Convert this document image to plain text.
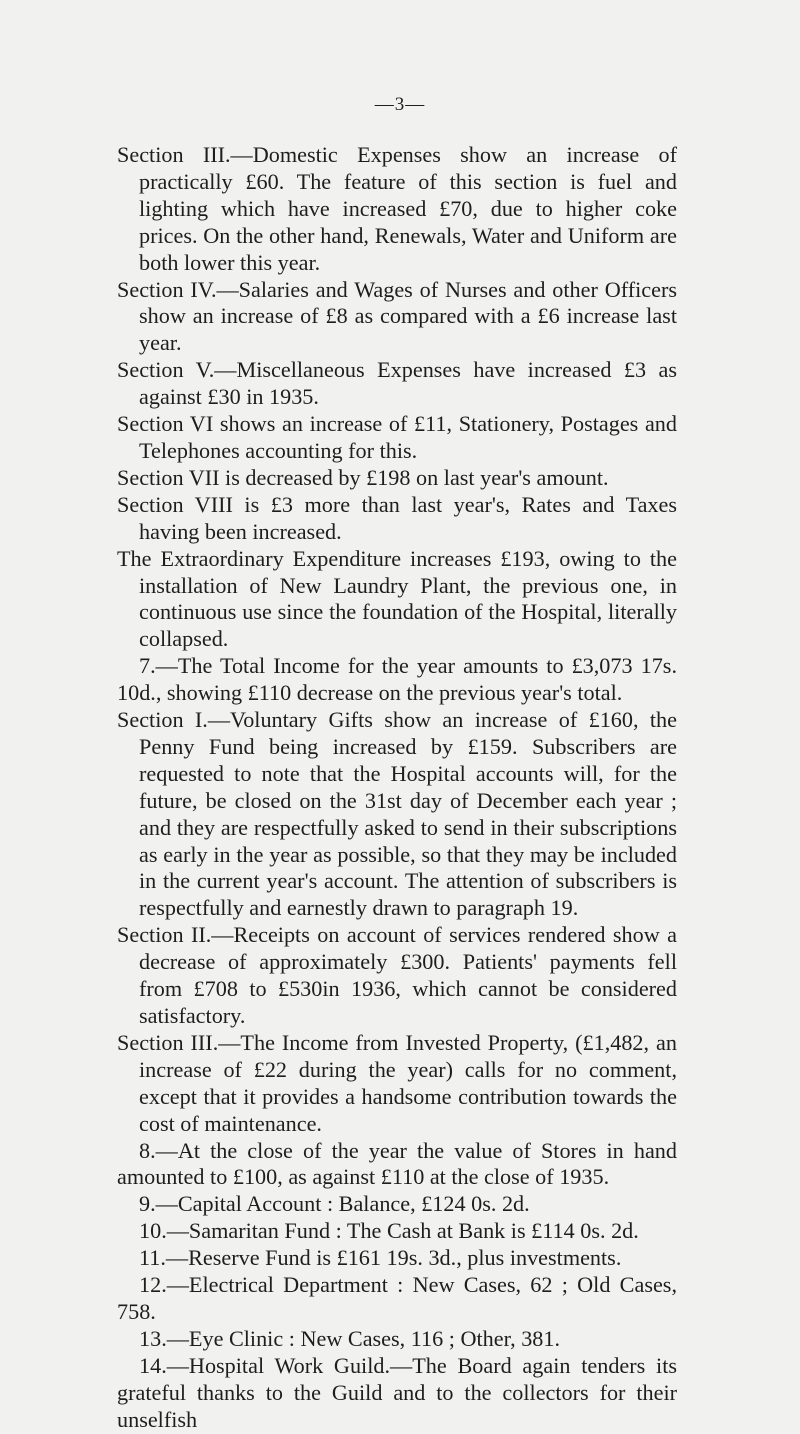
—3—

Section III.—Domestic Expenses show an increase of practically £60. The feature of this section is fuel and lighting which have increased £70, due to higher coke prices. On the other hand, Renewals, Water and Uniform are both lower this year.

Section IV.—Salaries and Wages of Nurses and other Officers show an increase of £8 as compared with a £6 increase last year.

Section V.—Miscellaneous Expenses have increased £3 as against £30 in 1935.

Section VI shows an increase of £11, Stationery, Postages and Telephones accounting for this.

Section VII is decreased by £198 on last year's amount.

Section VIII is £3 more than last year's, Rates and Taxes having been increased.

The Extraordinary Expenditure increases £193, owing to the installation of New Laundry Plant, the previous one, in continuous use since the foundation of the Hospital, literally collapsed.

7.—The Total Income for the year amounts to £3,073 17s. 10d., showing £110 decrease on the previous year's total.

Section I.—Voluntary Gifts show an increase of £160, the Penny Fund being increased by £159. Subscribers are requested to note that the Hospital accounts will, for the future, be closed on the 31st day of December each year ; and they are respectfully asked to send in their subscriptions as early in the year as possible, so that they may be included in the current year's account. The attention of subscribers is respectfully and earnestly drawn to paragraph 19.

Section II.—Receipts on account of services rendered show a decrease of approximately £300. Patients' payments fell from £708 to £530in 1936, which cannot be considered satisfactory.

Section III.—The Income from Invested Property, (£1,482, an increase of £22 during the year) calls for no comment, except that it provides a handsome contribution towards the cost of maintenance.

8.—At the close of the year the value of Stores in hand amounted to £100, as against £110 at the close of 1935.

9.—Capital Account : Balance, £124 0s. 2d.

10.—Samaritan Fund : The Cash at Bank is £114 0s. 2d.

11.—Reserve Fund is £161 19s. 3d., plus investments.

12.—Electrical Department : New Cases, 62 ; Old Cases, 758.

13.—Eye Clinic : New Cases, 116 ; Other, 381.

14.—Hospital Work Guild.—The Board again tenders its grateful thanks to the Guild and to the collectors for their unselfish
